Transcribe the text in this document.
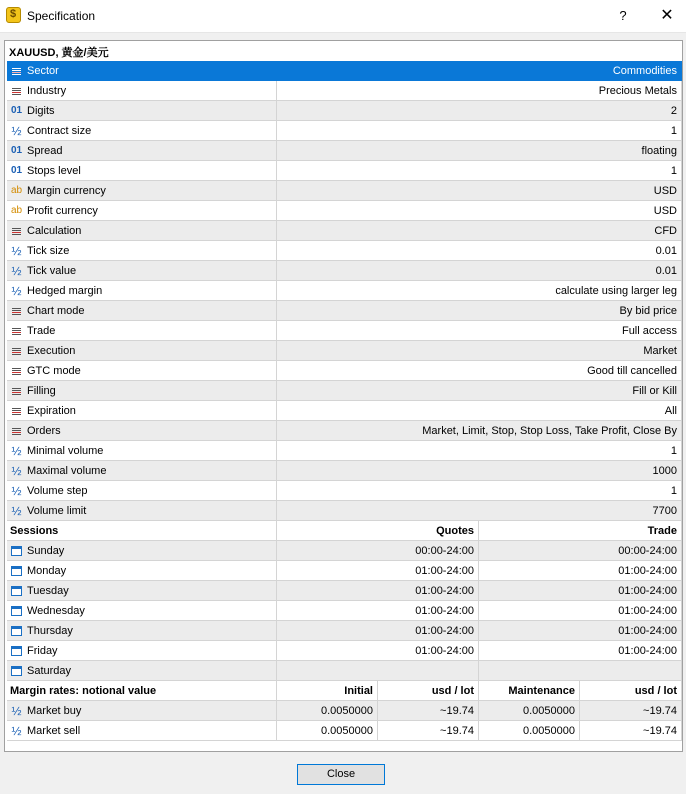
$
Specification	?	✕
XAUUSD, 黄金/美元
Sector	Commodities
Industry	Precious Metals
01 Digits	2
½ Contract size	1
01 Spread	floating
01 Stops level	1
ab Margin currency	USD
ab Profit currency	USD
Calculation	CFD
½ Tick size	0.01
½ Tick value	0.01
½ Hedged margin	calculate using larger leg
Chart mode	By bid price
Trade	Full access
Execution	Market
GTC mode	Good till cancelled
Filling	Fill or Kill
Expiration	All
Orders	Market, Limit, Stop, Stop Loss, Take Profit, Close By
½ Minimal volume	1
½ Maximal volume	1000
½ Volume step	1
½ Volume limit	7700
Sessions	Quotes	Trade
Sunday	00:00-24:00	00:00-24:00
Monday	01:00-24:00	01:00-24:00
Tuesday	01:00-24:00	01:00-24:00
Wednesday	01:00-24:00	01:00-24:00
Thursday	01:00-24:00	01:00-24:00
Friday	01:00-24:00	01:00-24:00
Saturday
Margin rates: notional value	Initial	usd / lot	Maintenance	usd / lot
½ Market buy	0.0050000	~19.74	0.0050000	~19.74
½ Market sell	0.0050000	~19.74	0.0050000	~19.74
Close
